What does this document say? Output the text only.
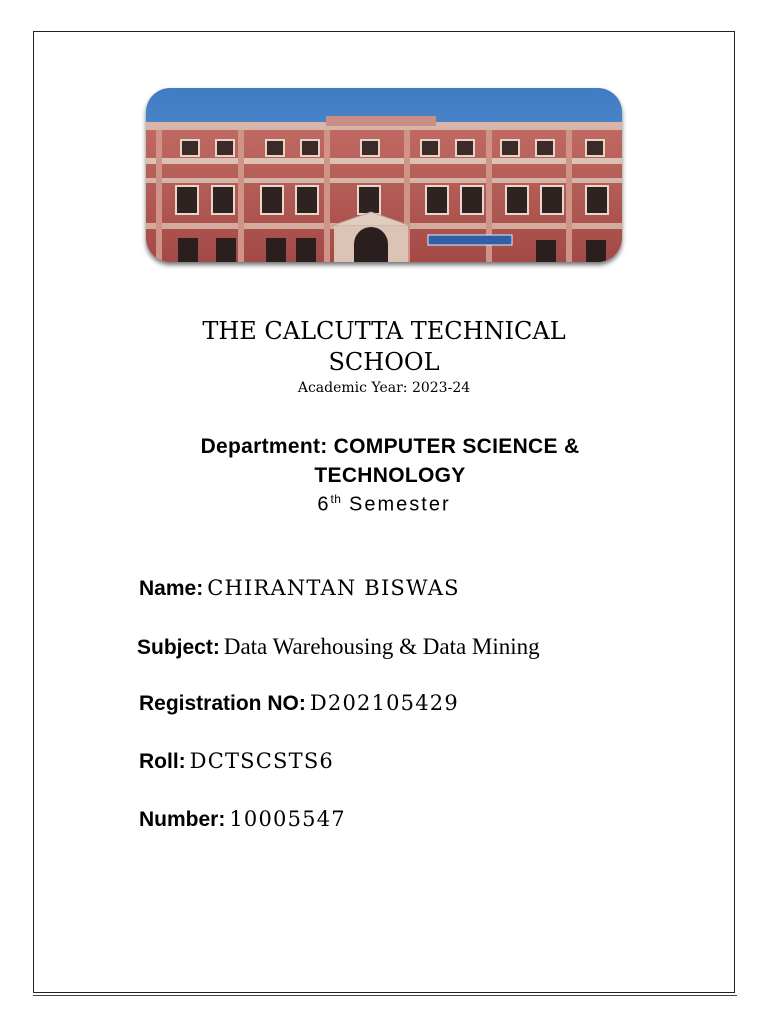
THE CALCUTTA TECHNICAL
SCHOOL
Academic Year: 2023-24
Department: COMPUTER SCIENCE &
TECHNOLOGY
6th Semester
Name: CHIRANTAN BISWAS
Subject: Data Warehousing & Data Mining
Registration NO: D202105429
Roll: DCTSCSTS6
Number: 10005547
